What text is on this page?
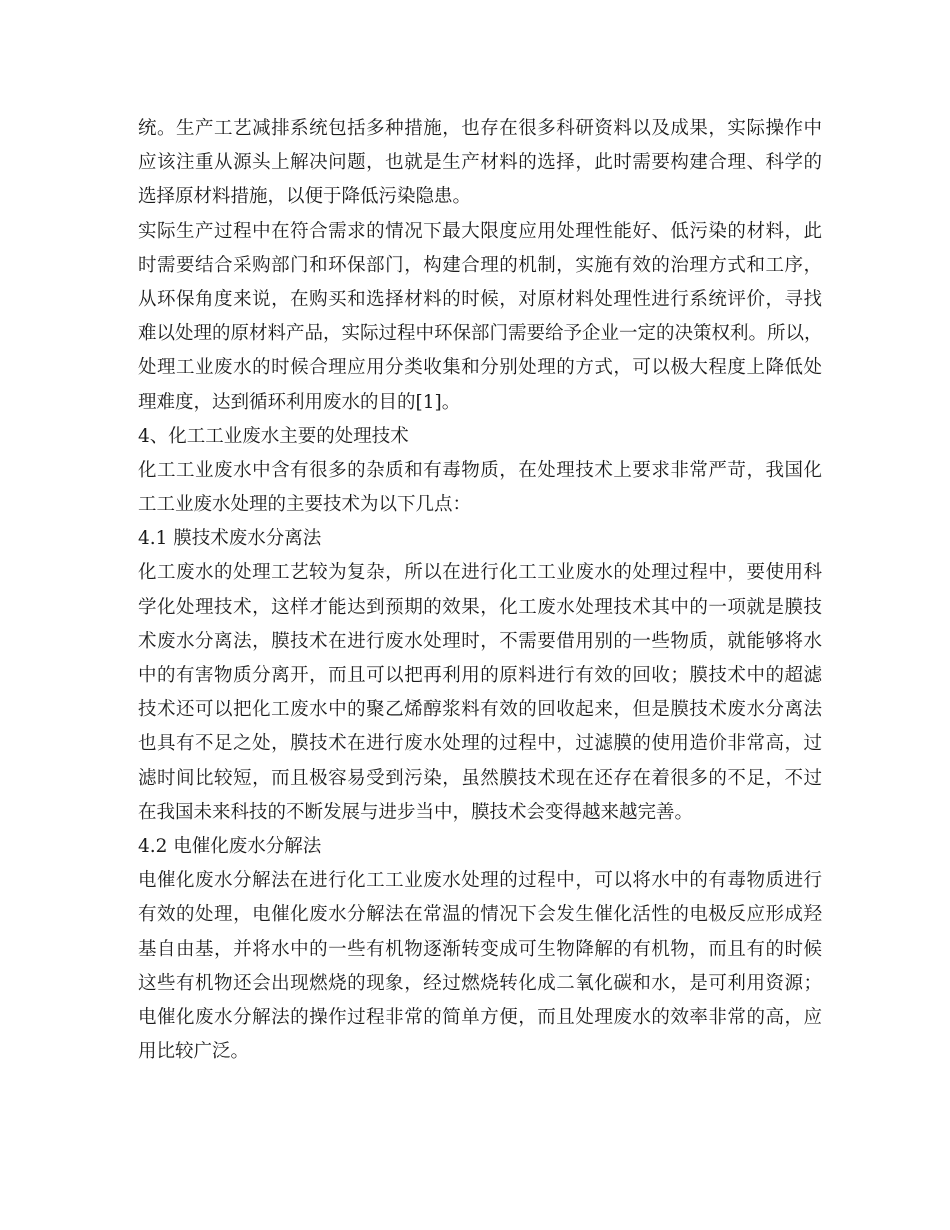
统。生产工艺减排系统包括多种措施，也存在很多科研资料以及成果，实际操作中
应该注重从源头上解决问题，也就是生产材料的选择，此时需要构建合理、科学的
选择原材料措施，以便于降低污染隐患。
实际生产过程中在符合需求的情况下最大限度应用处理性能好、低污染的材料，此
时需要结合采购部门和环保部门，构建合理的机制，实施有效的治理方式和工序，
从环保角度来说，在购买和选择材料的时候，对原材料处理性进行系统评价，寻找
难以处理的原材料产品，实际过程中环保部门需要给予企业一定的决策权利。所以，
处理工业废水的时候合理应用分类收集和分别处理的方式，可以极大程度上降低处
理难度，达到循环利用废水的目的[1]。
4、化工工业废水主要的处理技术
化工工业废水中含有很多的杂质和有毒物质，在处理技术上要求非常严苛，我国化
工工业废水处理的主要技术为以下几点：
4.1 膜技术废水分离法
化工废水的处理工艺较为复杂，所以在进行化工工业废水的处理过程中，要使用科
学化处理技术，这样才能达到预期的效果，化工废水处理技术其中的一项就是膜技
术废水分离法，膜技术在进行废水处理时，不需要借用别的一些物质，就能够将水
中的有害物质分离开，而且可以把再利用的原料进行有效的回收；膜技术中的超滤
技术还可以把化工废水中的聚乙烯醇浆料有效的回收起来，但是膜技术废水分离法
也具有不足之处，膜技术在进行废水处理的过程中，过滤膜的使用造价非常高，过
滤时间比较短，而且极容易受到污染，虽然膜技术现在还存在着很多的不足，不过
在我国未来科技的不断发展与进步当中，膜技术会变得越来越完善。
4.2 电催化废水分解法
电催化废水分解法在进行化工工业废水处理的过程中，可以将水中的有毒物质进行
有效的处理，电催化废水分解法在常温的情况下会发生催化活性的电极反应形成羟
基自由基，并将水中的一些有机物逐渐转变成可生物降解的有机物，而且有的时候
这些有机物还会出现燃烧的现象，经过燃烧转化成二氧化碳和水，是可利用资源；
电催化废水分解法的操作过程非常的简单方便，而且处理废水的效率非常的高，应
用比较广泛。
